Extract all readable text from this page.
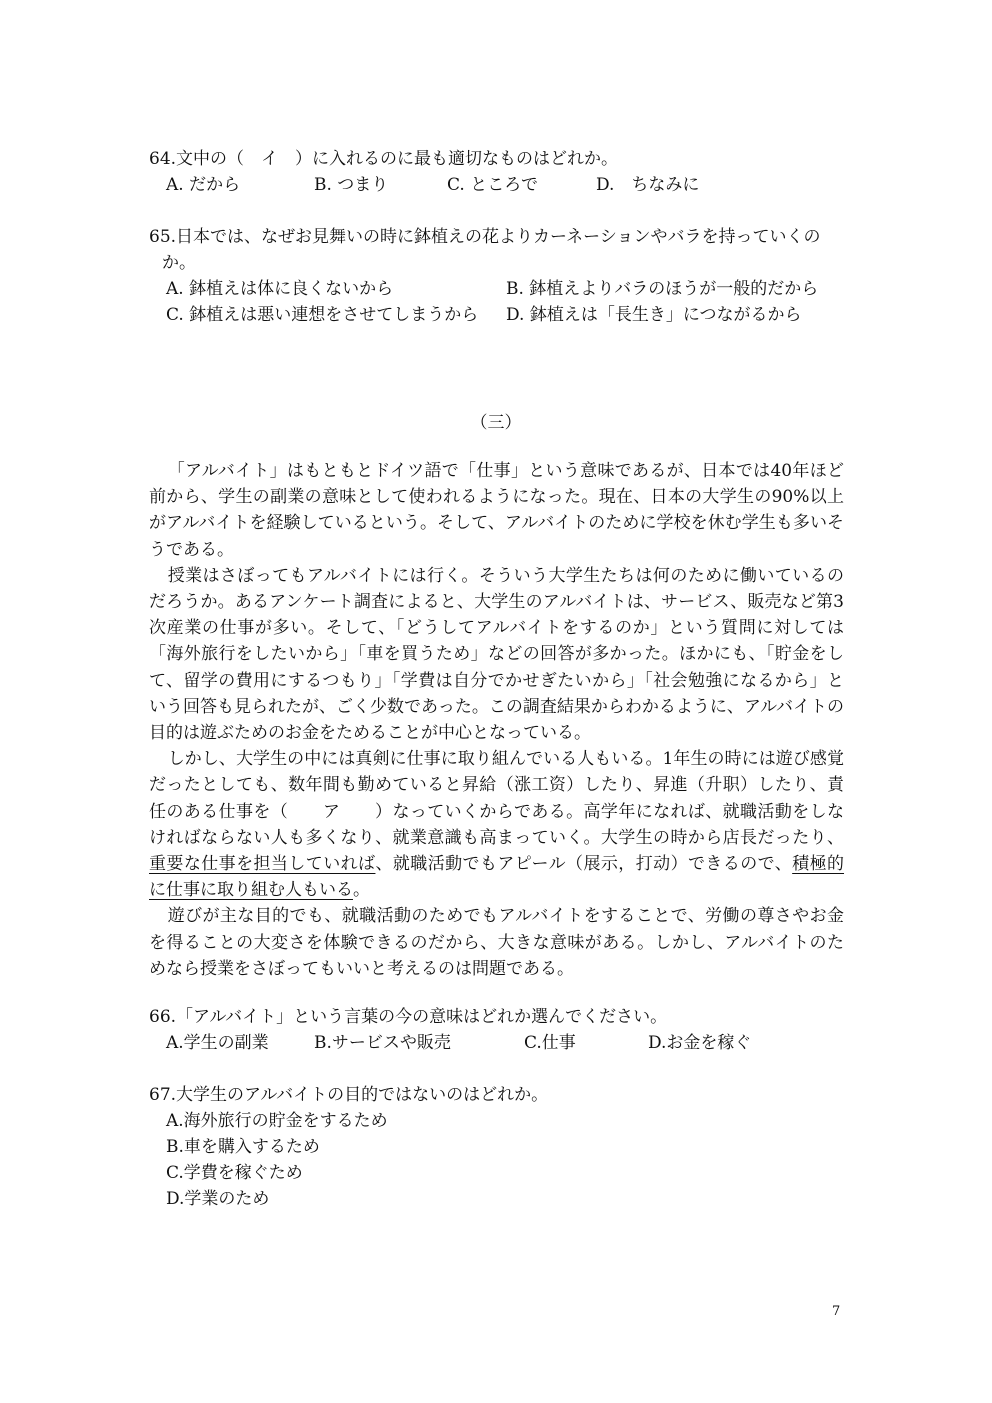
64.文中の（　イ　）に入れるのに最も適切なものはどれか。
A. だから	B. つまり	C. ところで	D.　ちなみに
65.日本では、なぜお見舞いの時に鉢植えの花よりカーネーションやバラを持っていくの
か。
A. 鉢植えは体に良くないから	B. 鉢植えよりバラのほうが一般的だから
C. 鉢植えは悪い連想をさせてしまうから D. 鉢植えは「長生き」につながるから
（三）

「アルバイト」はもともとドイツ語で「仕事」という意味であるが、日本では40年ほど前から、学生の副業の意味として使われるようになった。現在、日本の大学生の90%以上がアルバイトを経験しているという。そして、アルバイトのために学校を休む学生も多いそうである。

授業はさぼってもアルバイトには行く。そういう大学生たちは何のために働いているのだろうか。あるアンケート調査によると、大学生のアルバイトは、サービス、販売など第3次産業の仕事が多い。そして、「どうしてアルバイトをするのか」という質問に対しては「海外旅行をしたいから」「車を買うため」などの回答が多かった。ほかにも、「貯金をして、留学の費用にするつもり」「学費は自分でかせぎたいから」「社会勉強になるから」という回答も見られたが、ごく少数であった。この調査結果からわかるように、アルバイトの目的は遊ぶためのお金をためることが中心となっている。

しかし、大学生の中には真剣に仕事に取り組んでいる人もいる。1年生の時には遊び感覚だったとしても、数年間も勤めていると昇給（涨工资）したり、昇進（升职）したり、責任のある仕事を（　　ア　　）なっていくからである。高学年になれば、就職活動をしなければならない人も多くなり、就業意識も高まっていく。大学生の時から店長だったり、重要な仕事を担当していれば、就職活動でもアピール（展示，打动）できるので、積極的に仕事に取り組む人もいる。

遊びが主な目的でも、就職活動のためでもアルバイトをすることで、労働の尊さやお金を得ることの大変さを体験できるのだから、大きな意味がある。しかし、アルバイトのためなら授業をさぼってもいいと考えるのは問題である。

66.「アルバイト」という言葉の今の意味はどれか選んでください。
A.学生の副業	B.サービスや販売	C.仕事	D.お金を稼ぐ
67.大学生のアルバイトの目的ではないのはどれか。
A.海外旅行の貯金をするため
B.車を購入するため
C.学費を稼ぐため
D.学業のため
7
